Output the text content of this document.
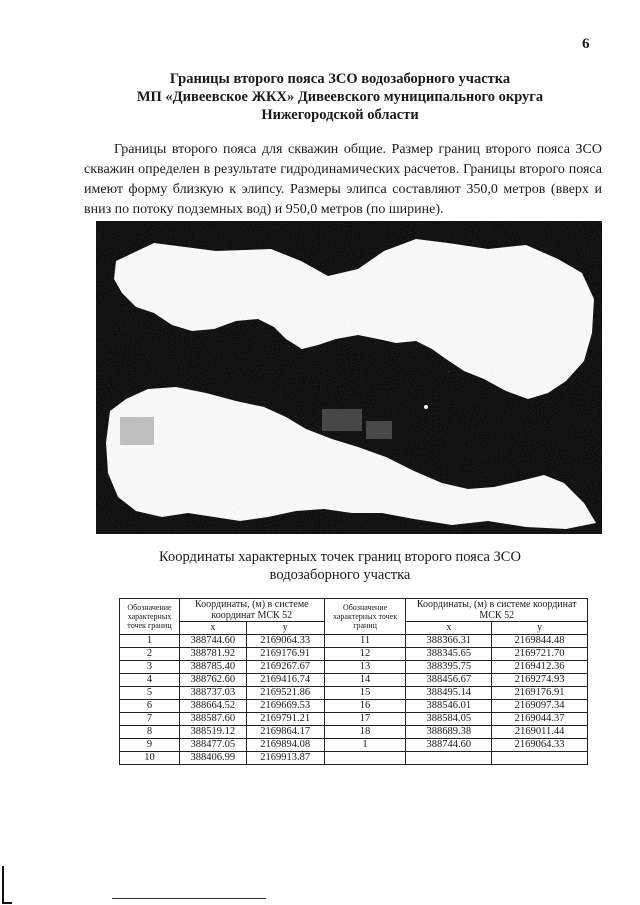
6
Границы второго пояса ЗСО водозаборного участка
МП «Дивеевское ЖКХ» Дивеевского муниципального округа
Нижегородской области
Границы второго пояса для скважин общие. Размер границ второго пояса ЗСО скважин определен в результате гидродинамических расчетов. Границы второго пояса имеют форму близкую к элипсу. Размеры элипса составляют 350,0 метров (вверх и вниз по потоку подземных вод) и 950,0 метров (по ширине).
Координаты характерных точек границ второго пояса ЗСО
водозаборного участка
Обозначение характерных точек границ	Координаты, (м) в системе координат МСК 52		Обозначение характерных точек границ	Координаты, (м) в системе координат МСК 52	
	x	y		x	y
1	388744.60	2169064.33	11	388366.31	2169844.48
2	388781.92	2169176.91	12	388345.65	2169721.70
3	388785.40	2169267.67	13	388395.75	2169412.36
4	388762.60	2169416.74	14	388456.67	2169274.93
5	388737.03	2169521.86	15	388495.14	2169176.91
6	388664.52	2169669.53	16	388546.01	2169097.34
7	388587.60	2169791.21	17	388584.05	2169044.37
8	388519.12	2169864.17	18	388689.38	2169011.44
9	388477.05	2169894.08	1	388744.60	2169064.33
10	388406.99	2169913.87			
